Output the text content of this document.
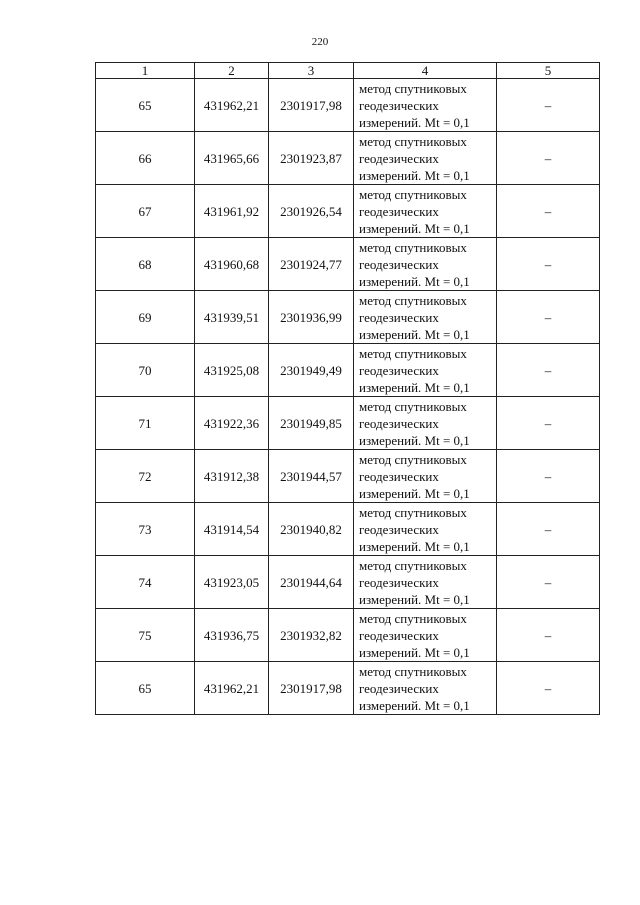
220
1	2	3	4	5
65	431962,21	2301917,98	метод спутниковых
геодезических
измерений. Mt = 0,1	–
66	431965,66	2301923,87	метод спутниковых
геодезических
измерений. Mt = 0,1	–
67	431961,92	2301926,54	метод спутниковых
геодезических
измерений. Mt = 0,1	–
68	431960,68	2301924,77	метод спутниковых
геодезических
измерений. Mt = 0,1	–
69	431939,51	2301936,99	метод спутниковых
геодезических
измерений. Mt = 0,1	–
70	431925,08	2301949,49	метод спутниковых
геодезических
измерений. Mt = 0,1	–
71	431922,36	2301949,85	метод спутниковых
геодезических
измерений. Mt = 0,1	–
72	431912,38	2301944,57	метод спутниковых
геодезических
измерений. Mt = 0,1	–
73	431914,54	2301940,82	метод спутниковых
геодезических
измерений. Mt = 0,1	–
74	431923,05	2301944,64	метод спутниковых
геодезических
измерений. Mt = 0,1	–
75	431936,75	2301932,82	метод спутниковых
геодезических
измерений. Mt = 0,1	–
65	431962,21	2301917,98	метод спутниковых
геодезических
измерений. Mt = 0,1	–
